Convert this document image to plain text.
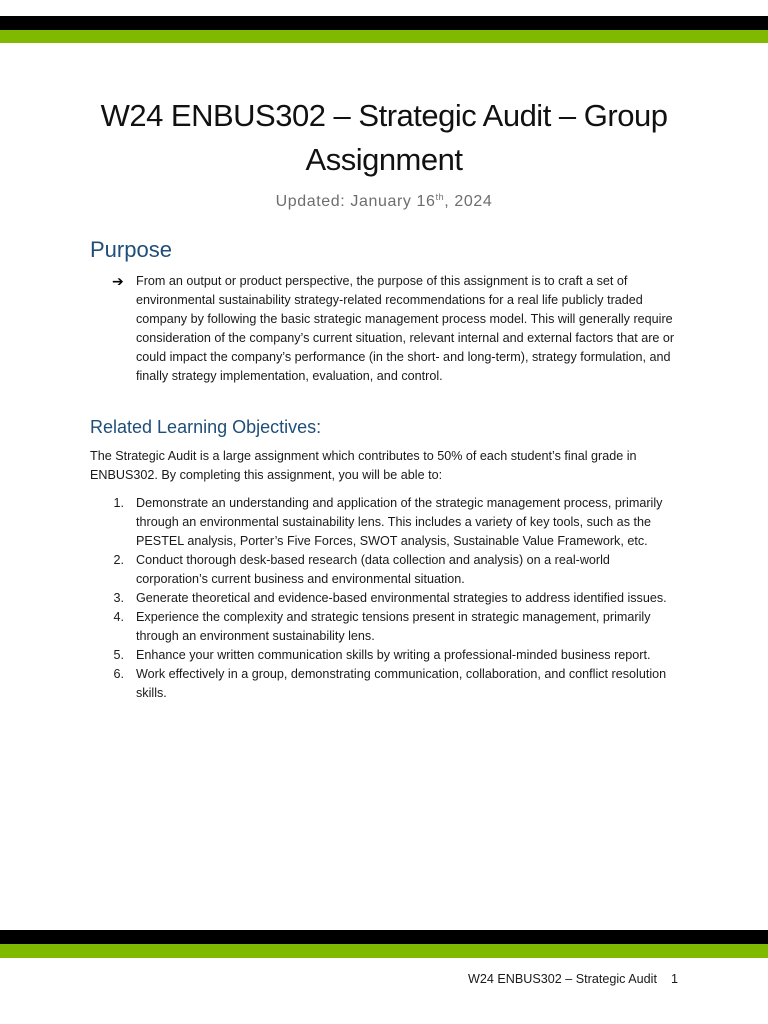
W24 ENBUS302 – Strategic Audit – Group Assignment
Updated: January 16th, 2024
Purpose
➔ From an output or product perspective, the purpose of this assignment is to craft a set of environmental sustainability strategy-related recommendations for a real life publicly traded company by following the basic strategic management process model. This will generally require consideration of the company’s current situation, relevant internal and external factors that are or could impact the company’s performance (in the short- and long-term), strategy formulation, and finally strategy implementation, evaluation, and control.
Related Learning Objectives:
The Strategic Audit is a large assignment which contributes to 50% of each student’s final grade in ENBUS302. By completing this assignment, you will be able to:
1. Demonstrate an understanding and application of the strategic management process, primarily through an environmental sustainability lens. This includes a variety of key tools, such as the PESTEL analysis, Porter’s Five Forces, SWOT analysis, Sustainable Value Framework, etc.
2. Conduct thorough desk-based research (data collection and analysis) on a real-world corporation’s current business and environmental situation.
3. Generate theoretical and evidence-based environmental strategies to address identified issues.
4. Experience the complexity and strategic tensions present in strategic management, primarily through an environment sustainability lens.
5. Enhance your written communication skills by writing a professional-minded business report.
6. Work effectively in a group, demonstrating communication, collaboration, and conflict resolution skills.
W24 ENBUS302 – Strategic Audit 1
